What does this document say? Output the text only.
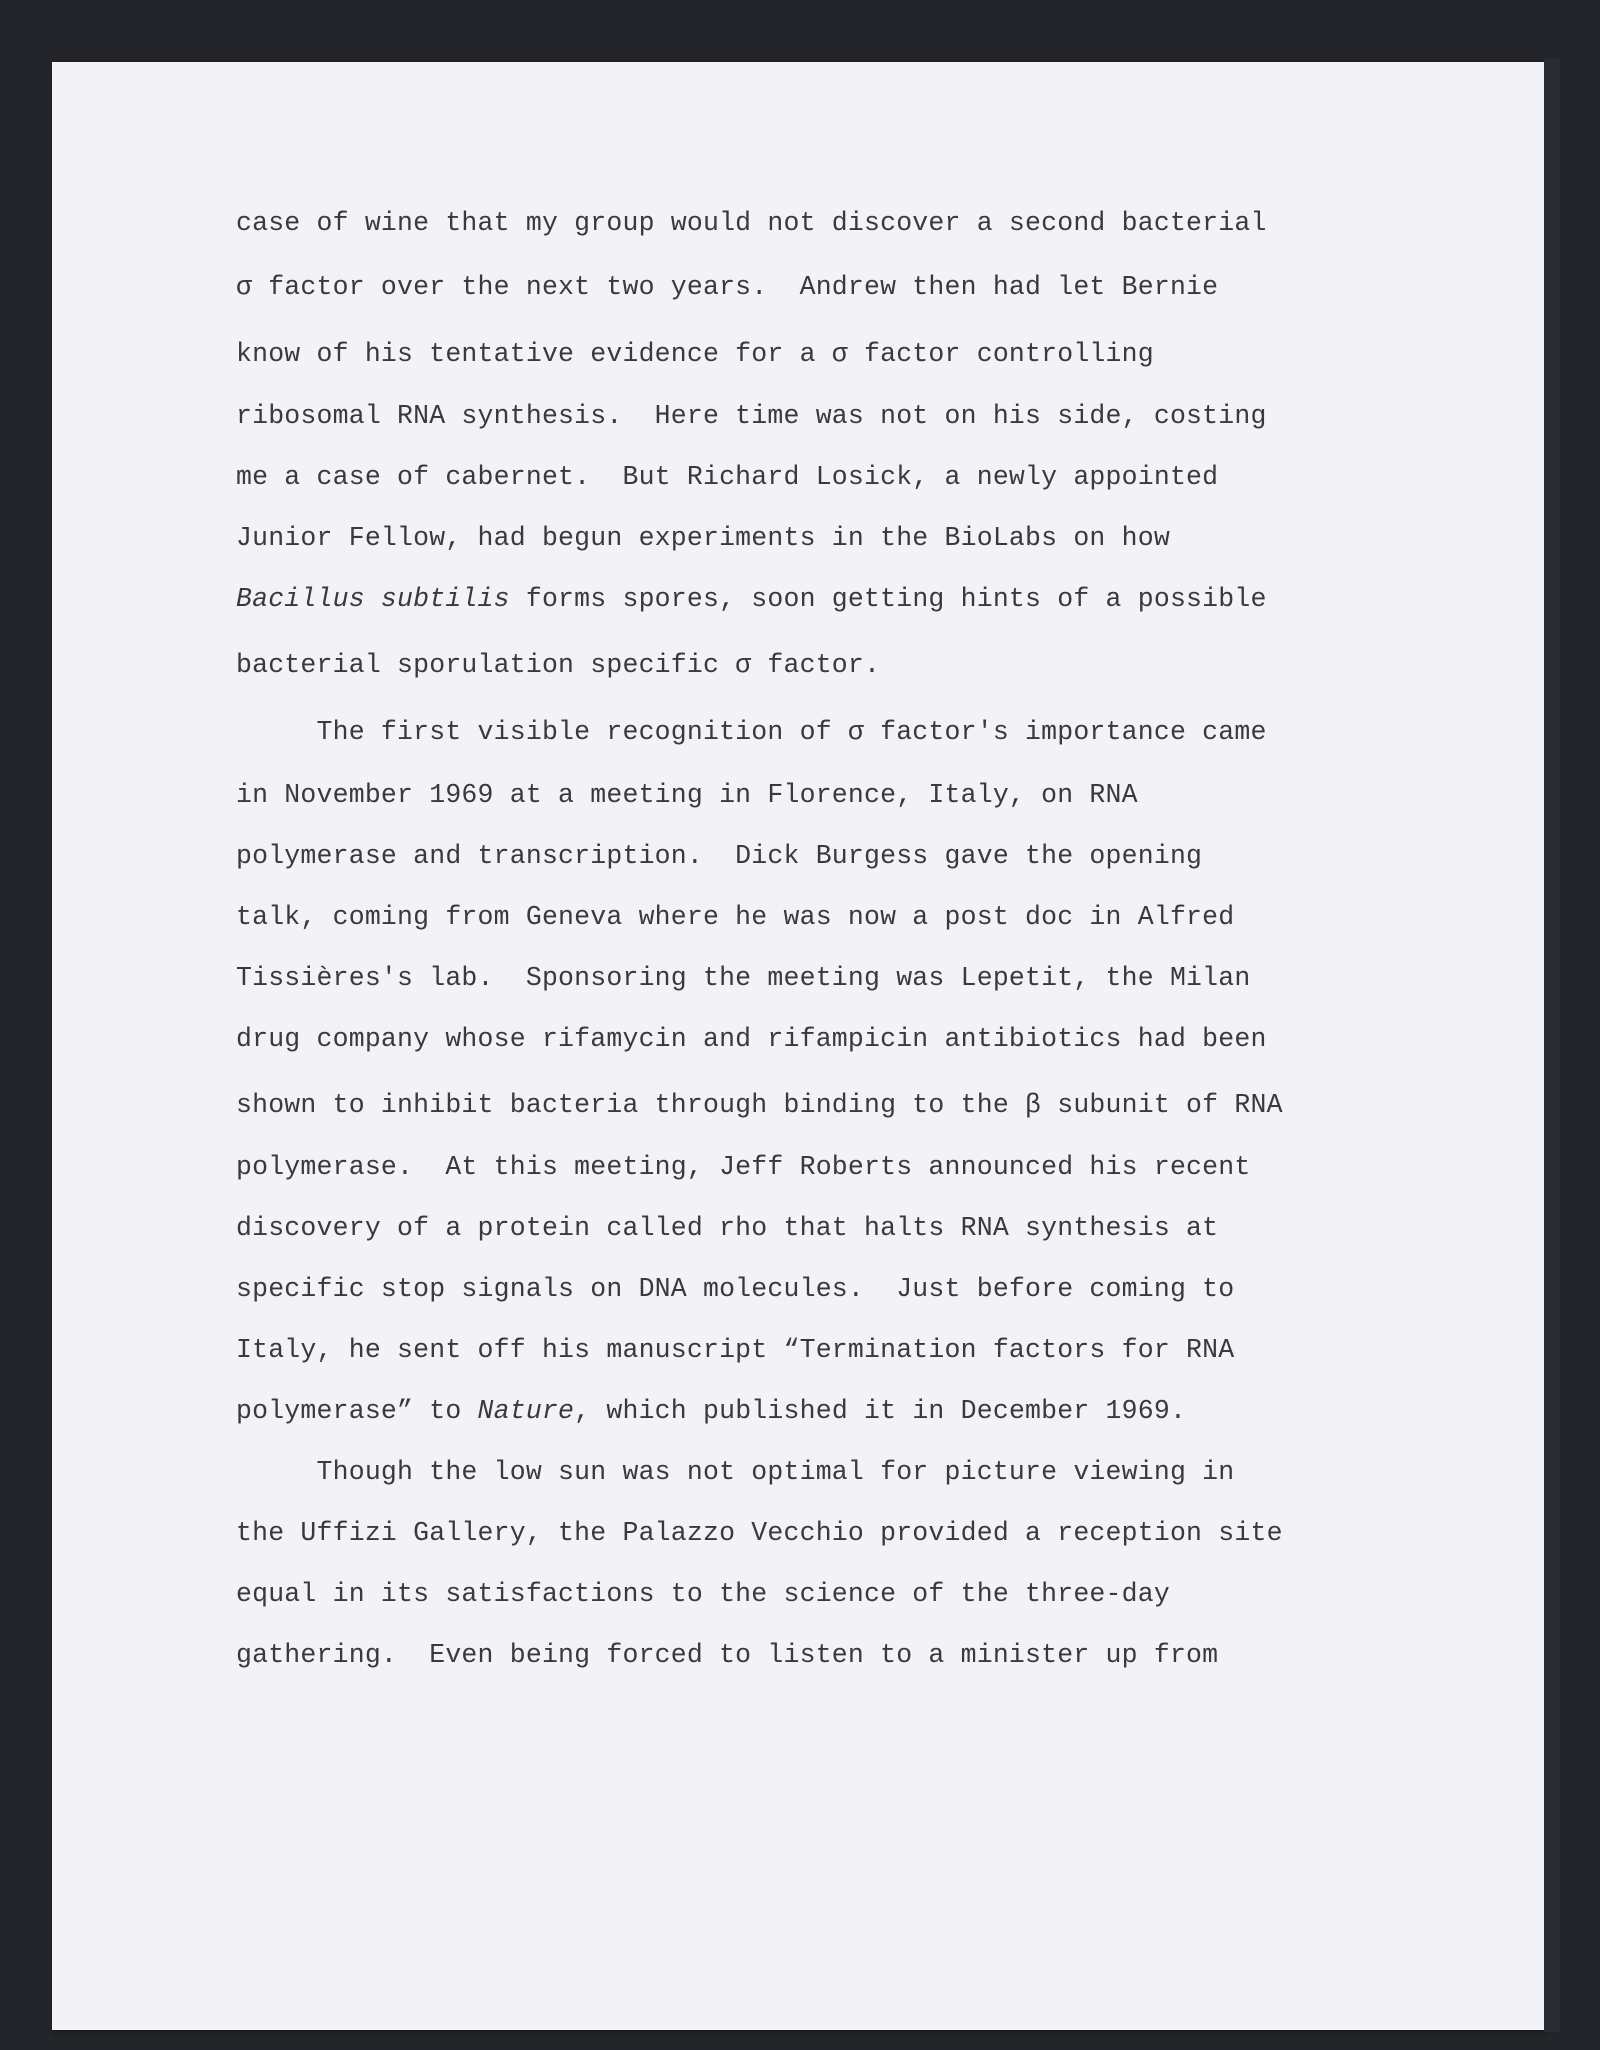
case of wine that my group would not discover a second bacterial
σ factor over the next two years.  Andrew then had let Bernie
know of his tentative evidence for a σ factor controlling
ribosomal RNA synthesis.  Here time was not on his side, costing
me a case of cabernet.  But Richard Losick, a newly appointed
Junior Fellow, had begun experiments in the BioLabs on how
Bacillus subtilis forms spores, soon getting hints of a possible
bacterial sporulation specific σ factor.
The first visible recognition of σ factor's importance came
in November 1969 at a meeting in Florence, Italy, on RNA
polymerase and transcription.  Dick Burgess gave the opening
talk, coming from Geneva where he was now a post doc in Alfred
Tissières's lab.  Sponsoring the meeting was Lepetit, the Milan
drug company whose rifamycin and rifampicin antibiotics had been
shown to inhibit bacteria through binding to the β subunit of RNA
polymerase.  At this meeting, Jeff Roberts announced his recent
discovery of a protein called rho that halts RNA synthesis at
specific stop signals on DNA molecules.  Just before coming to
Italy, he sent off his manuscript “Termination factors for RNA
polymerase” to Nature, which published it in December 1969.
Though the low sun was not optimal for picture viewing in
the Uffizi Gallery, the Palazzo Vecchio provided a reception site
equal in its satisfactions to the science of the three-day
gathering.  Even being forced to listen to a minister up from
